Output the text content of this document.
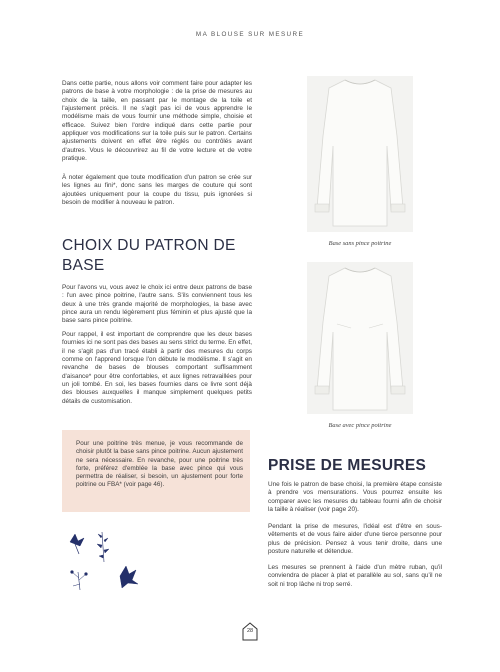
MA BLOUSE SUR MESURE

Dans cette partie, nous allons voir comment faire pour adapter les patrons de base à votre morphologie : de la prise de mesures au choix de la taille, en passant par le montage de la toile et l'ajustement précis. Il ne s'agit pas ici de vous apprendre le modélisme mais de vous fournir une méthode simple, choisie et efficace. Suivez bien l'ordre indiqué dans cette partie pour appliquer vos modifications sur la toile puis sur le patron. Certains ajustements doivent en effet être réglés ou contrôlés avant d'autres. Vous le découvrirez au fil de votre lecture et de votre pratique.

À noter également que toute modification d'un patron se crée sur les lignes au fini*, donc sans les marges de couture qui sont ajoutées uniquement pour la coupe du tissu, puis ignorées si besoin de modifier à nouveau le patron.

CHOIX DU PATRON DE BASE

Pour l'avons vu, vous avez le choix ici entre deux patrons de base : l'un avec pince poitrine, l'autre sans. S'ils conviennent tous les deux à une très grande majorité de morphologies, la base avec pince aura un rendu légèrement plus féminin et plus ajusté que la base sans pince poitrine.

Pour rappel, il est important de comprendre que les deux bases fournies ici ne sont pas des bases au sens strict du terme. En effet, il ne s'agit pas d'un tracé établi à partir des mesures du corps comme on l'apprend lorsque l'on débute le modélisme. Il s'agit en revanche de bases de blouses comportant suffisamment d'aisance* pour être confortables, et aux lignes retravaillées pour un joli tombé. En soi, les bases fournies dans ce livre sont déjà des blouses auxquelles il manque simplement quelques petits détails de customisation.

Pour une poitrine très menue, je vous recommande de choisir plutôt la base sans pince poitrine. Aucun ajustement ne sera nécessaire. En revanche, pour une poitrine très forte, préférez d'emblée la base avec pince qui vous permettra de réaliser, si besoin, un ajustement pour forte poitrine ou FBA* (voir page 46).

Base sans pince poitrine
Base avec pince poitrine
PRISE DE MESURES

Une fois le patron de base choisi, la première étape consiste à prendre vos mensurations. Vous pourrez ensuite les comparer avec les mesures du tableau fourni afin de choisir la taille à réaliser (voir page 20).

Pendant la prise de mesures, l'idéal est d'être en sous-vêtements et de vous faire aider d'une tierce personne pour plus de précision. Pensez à vous tenir droite, dans une posture naturelle et détendue.

Les mesures se prennent à l'aide d'un mètre ruban, qu'il conviendra de placer à plat et parallèle au sol, sans qu'il ne soit ni trop lâche ni trop serré.

28
